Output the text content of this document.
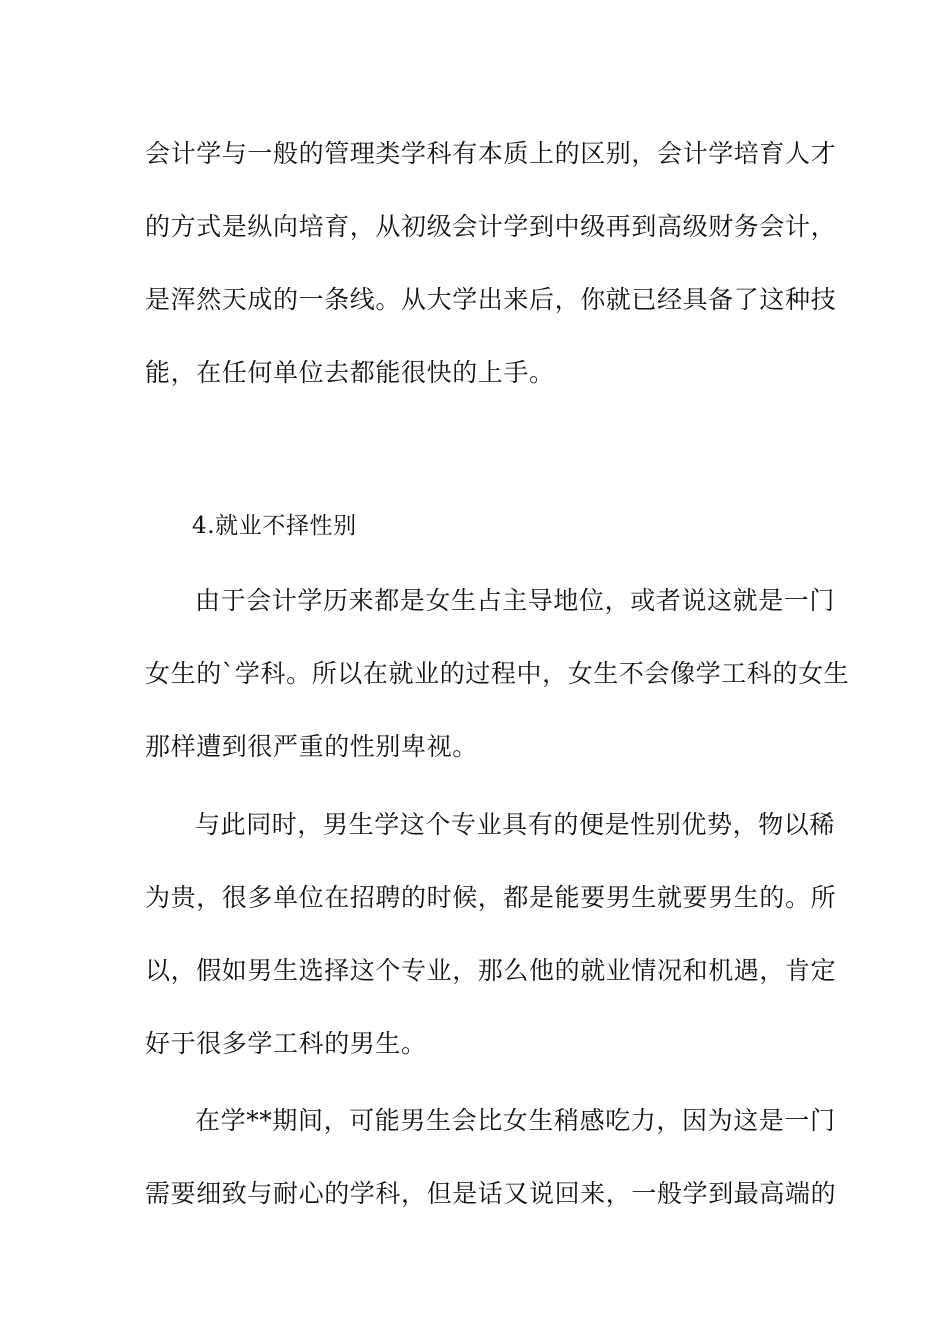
会计学与一般的管理类学科有本质上的区别，会计学培育人才
的方式是纵向培育，从初级会计学到中级再到高级财务会计，
是浑然天成的一条线。从大学出来后，你就已经具备了这种技
能，在任何单位去都能很快的上手。
4.就业不择性别
由于会计学历来都是女生占主导地位，或者说这就是一门
女生的`学科。所以在就业的过程中，女生不会像学工科的女生
那样遭到很严重的性别卑视。
与此同时，男生学这个专业具有的便是性别优势，物以稀
为贵，很多单位在招聘的时候，都是能要男生就要男生的。所
以，假如男生选择这个专业，那么他的就业情况和机遇，肯定
好于很多学工科的男生。
在学**期间，可能男生会比女生稍感吃力，因为这是一门
需要细致与耐心的学科，但是话又说回来，一般学到最高端的
